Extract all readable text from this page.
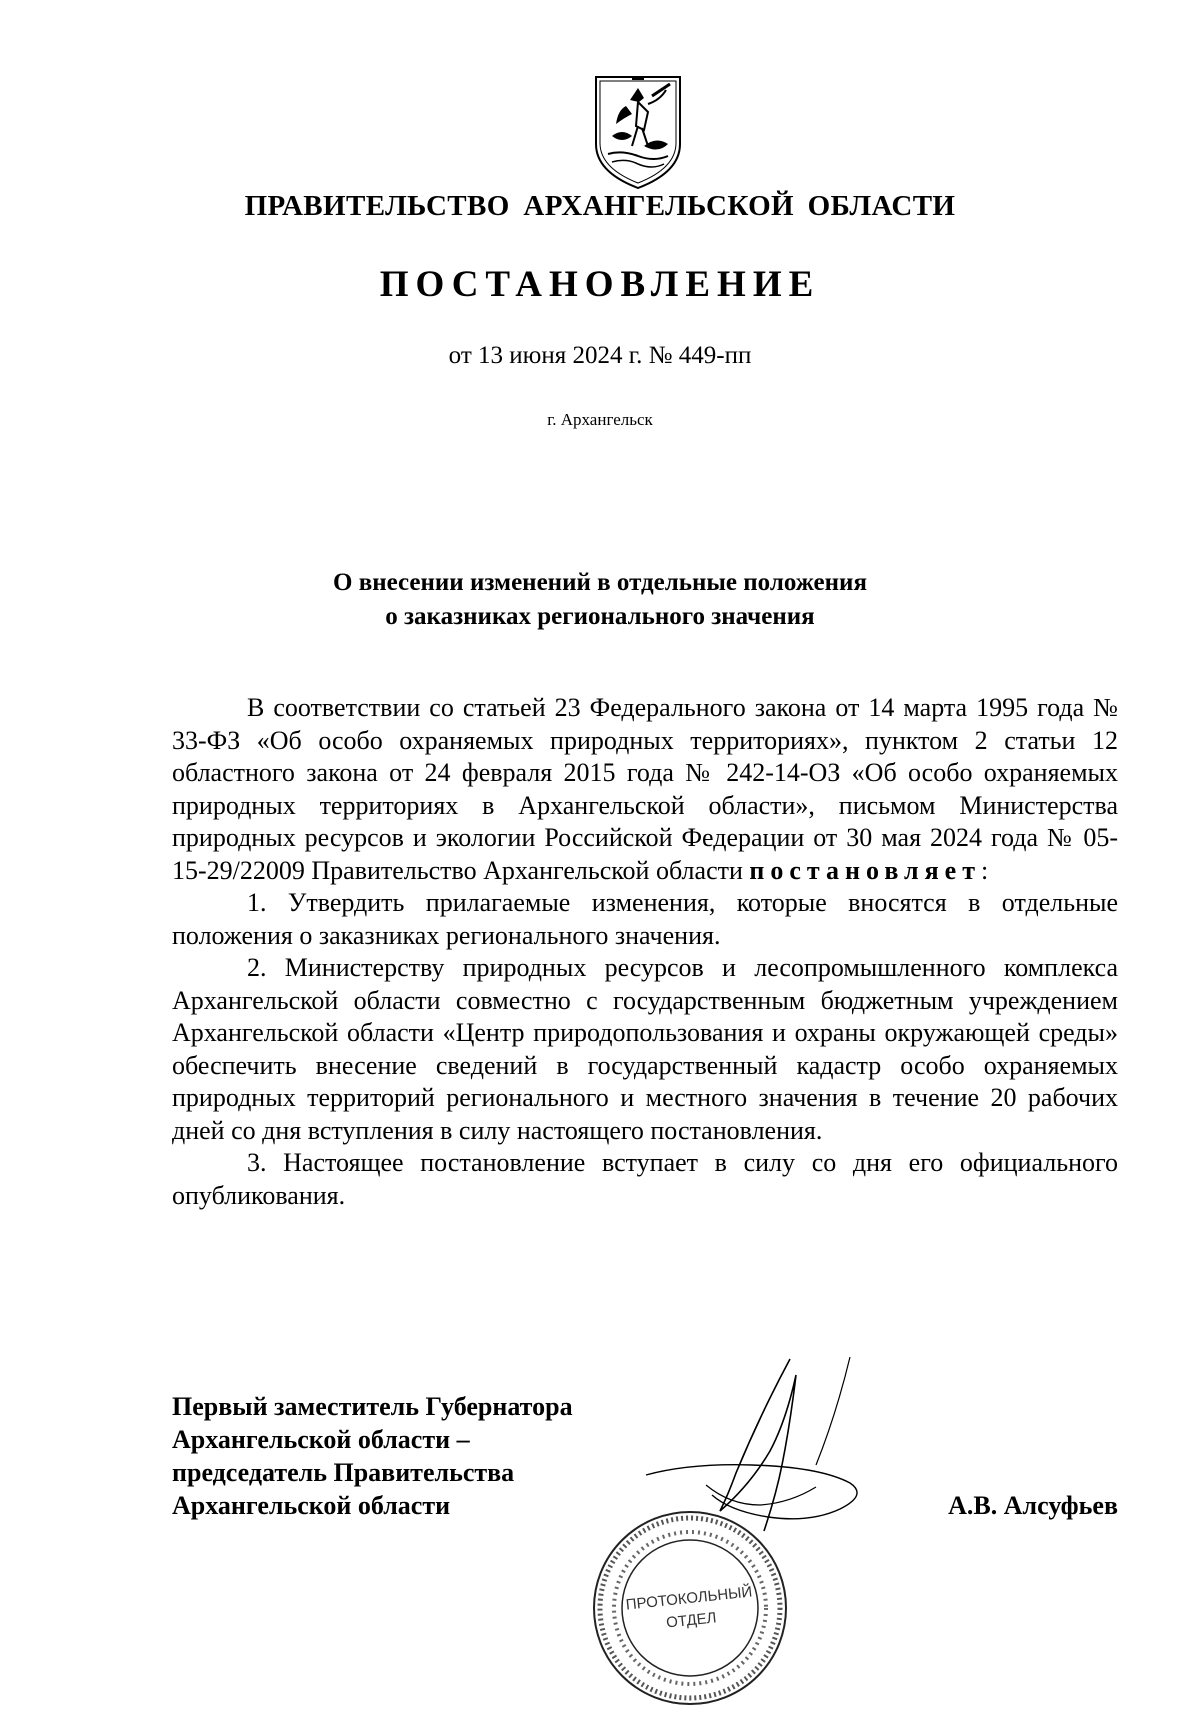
ПРАВИТЕЛЬСТВО АРХАНГЕЛЬСКОЙ ОБЛАСТИ
ПОСТАНОВЛЕНИЕ
от 13 июня 2024 г. № 449-пп
г. Архангельск
О внесении изменений в отдельные положения
о заказниках регионального значения

В соответствии со статьей 23 Федерального закона от 14 марта 1995 года № 33-ФЗ «Об особо охраняемых природных территориях», пунктом 2 статьи 12 областного закона от 24 февраля 2015 года № 242-14-ОЗ «Об особо охраняемых природных территориях в Архангельской области», письмом Министерства природных ресурсов и экологии Российской Федерации от 30 мая 2024 года № 05-15-29/22009 Правительство Архангельской области постановляет:

1. Утвердить прилагаемые изменения, которые вносятся в отдельные положения о заказниках регионального значения.

2. Министерству природных ресурсов и лесопромышленного комплекса Архангельской области совместно с государственным бюджетным учреждением Архангельской области «Центр природопользования и охраны окружающей среды» обеспечить внесение сведений в государственный кадастр особо охраняемых природных территорий регионального и местного значения в течение 20 рабочих дней со дня вступления в силу настоящего постановления.

3. Настоящее постановление вступает в силу со дня его официального опубликования.

Первый заместитель Губернатора
Архангельской области –
председатель Правительства
Архангельской области	А.В. Алсуфьев
ПРОТОКОЛЬНЫЙ
ОТДЕЛ
